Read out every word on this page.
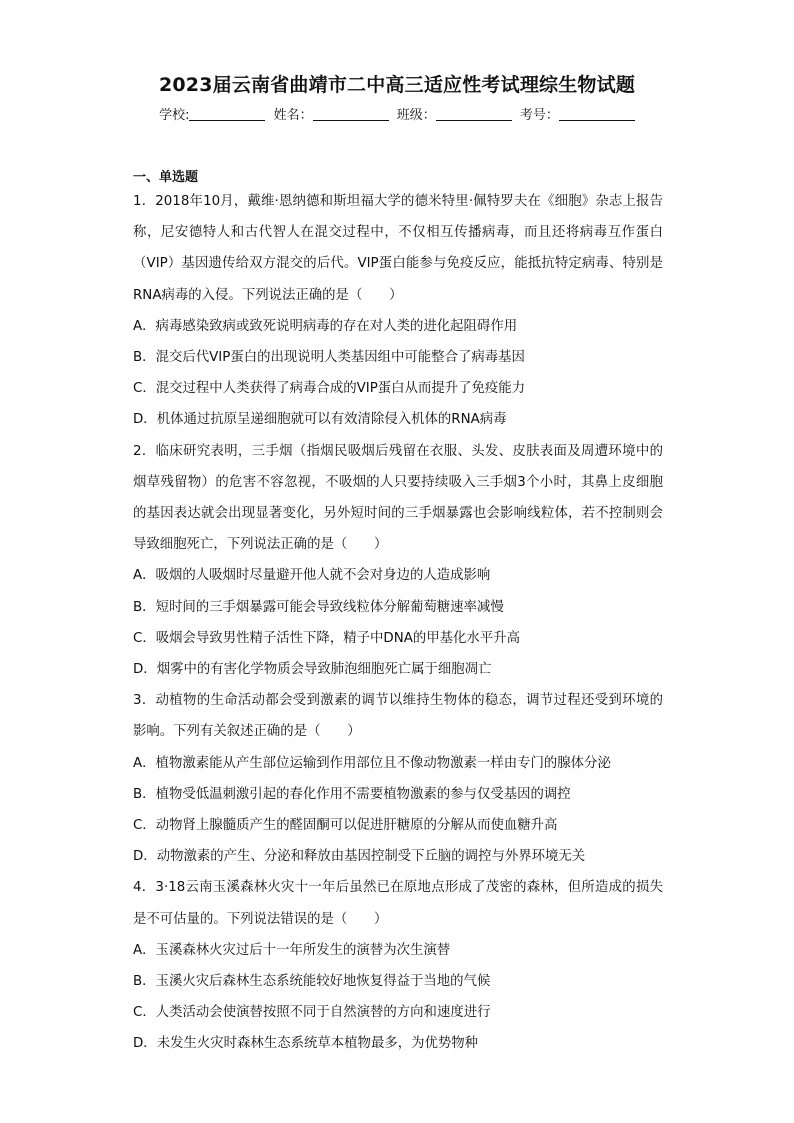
2023届云南省曲靖市二中高三适应性考试理综生物试题
学校:	姓名：	班级：	考号：
一、单选题

1．2018年10月，戴维·恩纳德和斯坦福大学的德米特里·佩特罗夫在《细胞》杂志上报告称，尼安德特人和古代智人在混交过程中，不仅相互传播病毒，而且还将病毒互作蛋白（VIP）基因遗传给双方混交的后代。VIP蛋白能参与免疫反应，能抵抗特定病毒、特别是RNA病毒的入侵。下列说法正确的是（　　）

A．病毒感染致病或致死说明病毒的存在对人类的进化起阻碍作用

B．混交后代VIP蛋白的出现说明人类基因组中可能整合了病毒基因

C．混交过程中人类获得了病毒合成的VIP蛋白从而提升了免疫能力

D．机体通过抗原呈递细胞就可以有效清除侵入机体的RNA病毒

2．临床研究表明，三手烟（指烟民吸烟后残留在衣服、头发、皮肤表面及周遭环境中的烟草残留物）的危害不容忽视，不吸烟的人只要持续吸入三手烟3个小时，其鼻上皮细胞的基因表达就会出现显著变化，另外短时间的三手烟暴露也会影响线粒体，若不控制则会导致细胞死亡，下列说法正确的是（　　）

A．吸烟的人吸烟时尽量避开他人就不会对身边的人造成影响

B．短时间的三手烟暴露可能会导致线粒体分解葡萄糖速率减慢

C．吸烟会导致男性精子活性下降，精子中DNA的甲基化水平升高

D．烟雾中的有害化学物质会导致肺泡细胞死亡属于细胞凋亡

3．动植物的生命活动都会受到激素的调节以维持生物体的稳态，调节过程还受到环境的影响。下列有关叙述正确的是（　　）

A．植物激素能从产生部位运输到作用部位且不像动物激素一样由专门的腺体分泌

B．植物受低温刺激引起的春化作用不需要植物激素的参与仅受基因的调控

C．动物肾上腺髓质产生的醛固酮可以促进肝糖原的分解从而使血糖升高

D．动物激素的产生、分泌和释放由基因控制受下丘脑的调控与外界环境无关

4．3·18云南玉溪森林火灾十一年后虽然已在原地点形成了茂密的森林，但所造成的损失是不可估量的。下列说法错误的是（　　）

A．玉溪森林火灾过后十一年所发生的演替为次生演替

B．玉溪火灾后森林生态系统能较好地恢复得益于当地的气候

C．人类活动会使演替按照不同于自然演替的方向和速度进行

D．未发生火灾时森林生态系统草本植物最多，为优势物种
